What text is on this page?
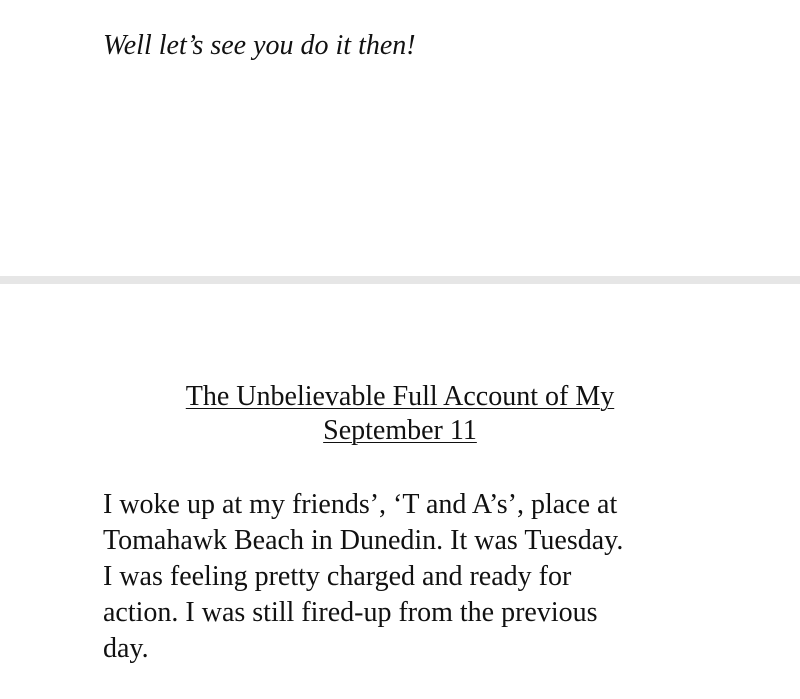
Well let’s see you do it then!
The Unbelievable Full Account of My
September 11
I woke up at my friends’, ‘T and A’s’, place at
Tomahawk Beach in Dunedin. It was Tuesday.
I was feeling pretty charged and ready for
action. I was still fired-up from the previous
day.
